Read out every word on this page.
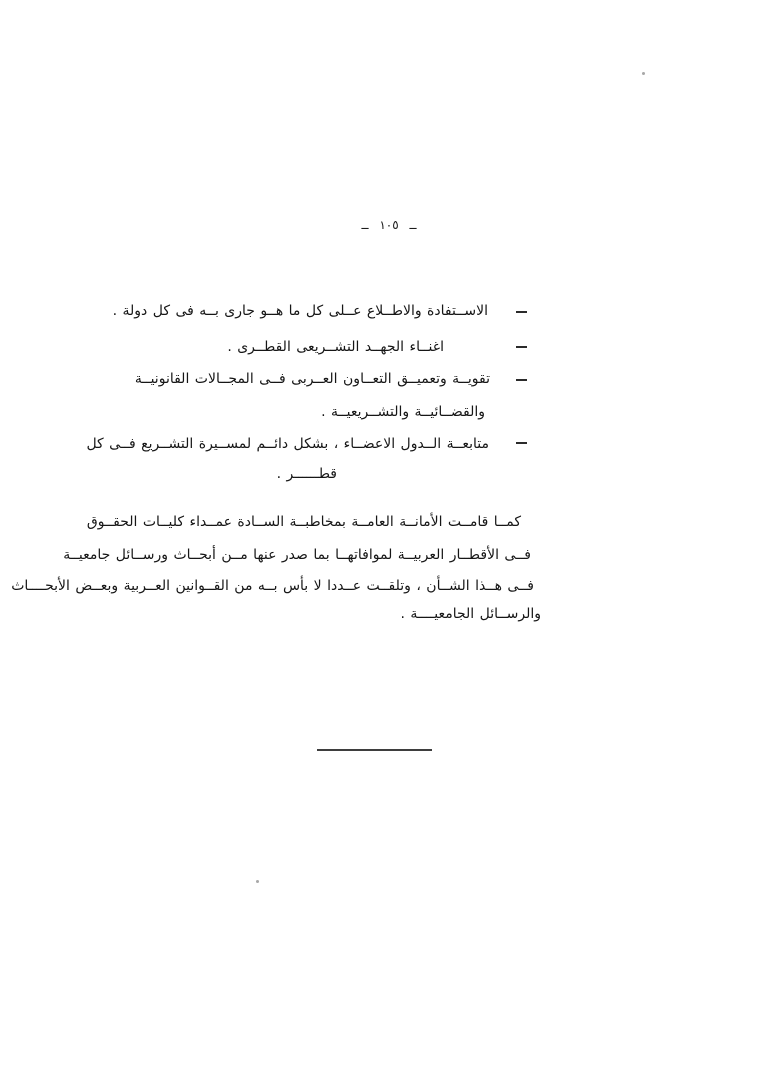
ــ ١٠٥ ــ
الاســتفادة والاطــلاع عــلى كل ما هــو جارى بــه فى كل دولة .
اغنــاء الجهــد التشــريعى القطــرى .
تقويــة وتعميــق التعــاون العــربى فــى المجــالات القانونيــة
والقضــائيــة والتشــريعيــة .
متابعــة الــدول الاعضــاء ، بشكل دائــم لمســيرة التشــريع فــى كل
قطــــــر .
كمــا قامــت الأمانــة العامــة بمخاطبــة الســادة عمــداء كليــات الحقــوق
فــى الأقطــار العربيــة لموافاتهــا بما صدر عنها مــن أبحــاث ورســائل جامعيــة
فــى هــذا الشــأن ، وتلقــت عــددا لا بأس بــه من القــوانين العــربية وبعــض الأبحــــاث
والرســائل الجامعيــــة .
